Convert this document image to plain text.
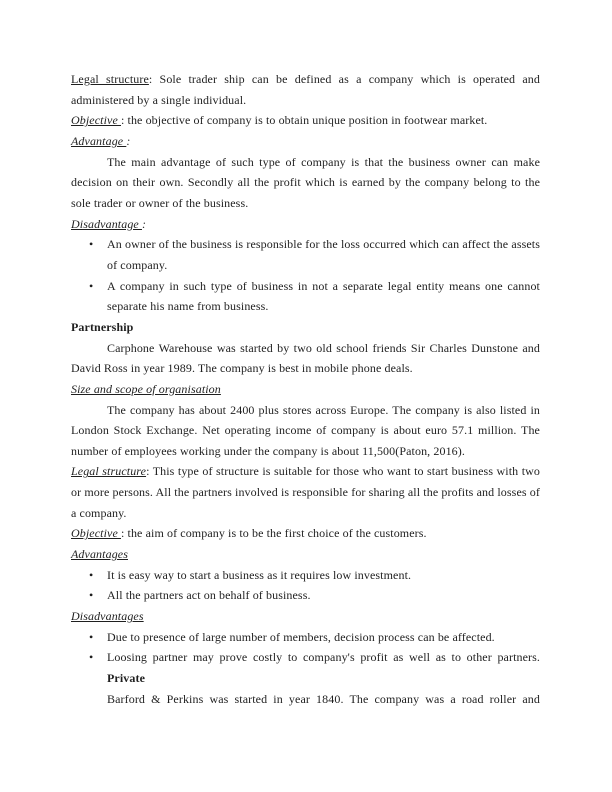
Legal structure: Sole trader ship can be defined as a company which is operated and administered by a single individual.
Objective : the objective of company is to obtain unique position in footwear market.
Advantage :
The main advantage of such type of company is that the business owner can make decision on their own. Secondly all the profit which is earned by the company belong to the sole trader or owner of the business.
Disadvantage :
• An owner of the business is responsible for the loss occurred which can affect the assets of company.
• A company in such type of business in not a separate legal entity means one cannot separate his name from business.
Partnership
Carphone Warehouse was started by two old school friends Sir Charles Dunstone and David Ross in year 1989. The company is best in mobile phone deals.
Size and scope of organisation
The company has about 2400 plus stores across Europe. The company is also listed in London Stock Exchange. Net operating income of company is about euro 57.1 million. The number of employees working under the company is about 11,500(Paton, 2016).
Legal structure: This type of structure is suitable for those who want to start business with two or more persons. All the partners involved is responsible for sharing all the profits and losses of a company.
Objective : the aim of company is to be the first choice of the customers.
Advantages
• It is easy way to start a business as it requires low investment.
• All the partners act on behalf of business.
Disadvantages
• Due to presence of large number of members, decision process can be affected.
• Loosing partner may prove costly to company's profit as well as to other partners.
Private
Barford & Perkins was started in year 1840. The company was a road roller and
